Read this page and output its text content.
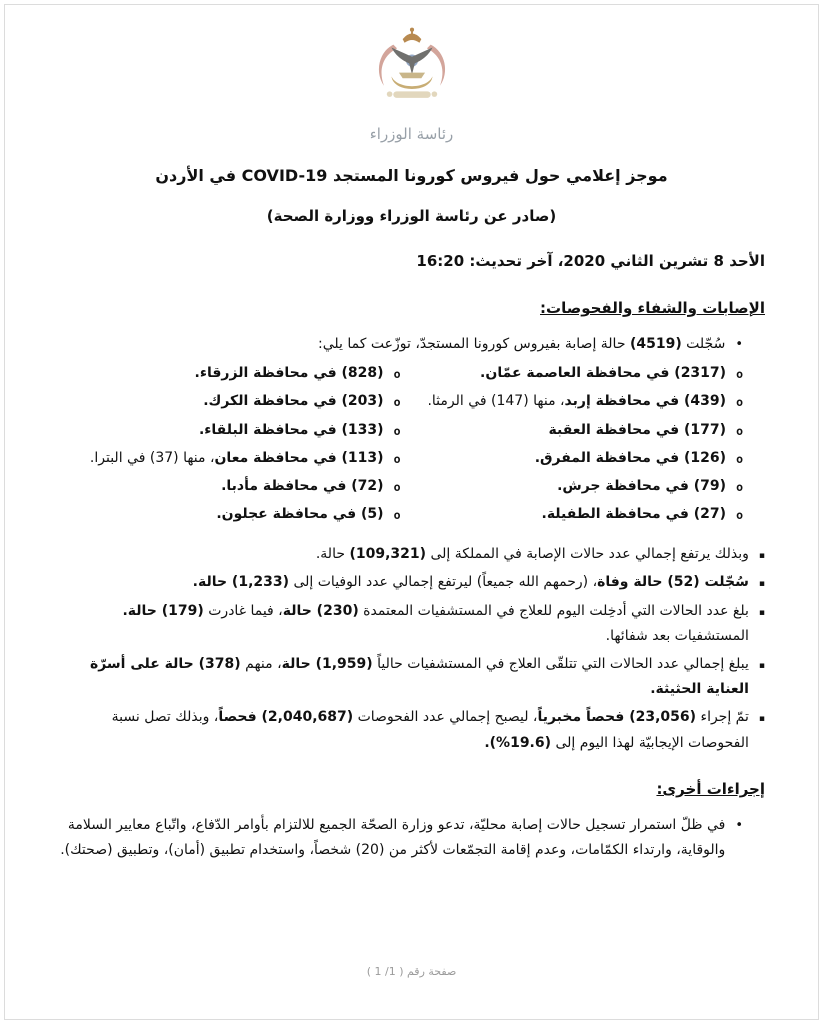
رئاسة الوزراء
موجز إعلامي حول فيروس كورونا المستجد COVID-19 في الأردن
(صادر عن رئاسة الوزراء ووزارة الصحة)
الأحد 8 تشرين الثاني 2020، آخر تحديث: 16:20
الإصابات والشفاء والفحوصات:
•
سُجّلت (4519) حالة إصابة بفيروس كورونا المستجدّ، توزّعت كما يلي:
o
(2317) في محافظة العاصمة عمّان.
o
(439) في محافظة إربد، منها (147) في الرمثا.
o
(177) في محافظة العقبة
o
(126) في محافظة المفرق.
o
(79) في محافظة جرش.
o
(27) في محافظة الطفيلة.
o
(828) في محافظة الزرقاء.
o
(203) في محافظة الكرك.
o
(133) في محافظة البلقاء.
o
(113) في محافظة معان، منها (37) في البترا.
o
(72) في محافظة مأدبا.
o
(5) في محافظة عجلون.
▪
وبذلك يرتفع إجمالي عدد حالات الإصابة في المملكة إلى (109,321) حالة.
▪
سُجّلت (52) حالة وفاة، (رحمهم الله جميعاً) ليرتفع إجمالي عدد الوفيات إلى (1,233) حالة.
▪
بلغ عدد الحالات التي أدخِلت اليوم للعلاج في المستشفيات المعتمدة (230) حالة، فيما غادرت (179) حالة. المستشفيات بعد شفائها.
▪
يبلغ إجمالي عدد الحالات التي تتلقّى العلاج في المستشفيات حالياً (1,959) حالة، منهم (378) حالة على أسرّة العناية الحثيثة.
▪
تمّ إجراء (23,056) فحصاً مخبرياً، ليصبح إجمالي عدد الفحوصات (2,040,687) فحصاً، وبذلك تصل نسبة الفحوصات الإيجابيّة لهذا اليوم إلى (19.6%).
إجراءات أخرى:
•
في ظلّ استمرار تسجيل حالات إصابة محليّة، تدعو وزارة الصحّة الجميع للالتزام بأوامر الدّفاع، واتّباع معايير السلامة والوقاية، وارتداء الكمّامات، وعدم إقامة التجمّعات لأكثر من (20) شخصاً، واستخدام تطبيق (أمان)، وتطبيق (صحتك).
صفحة رقم ( 1/ 1 )
